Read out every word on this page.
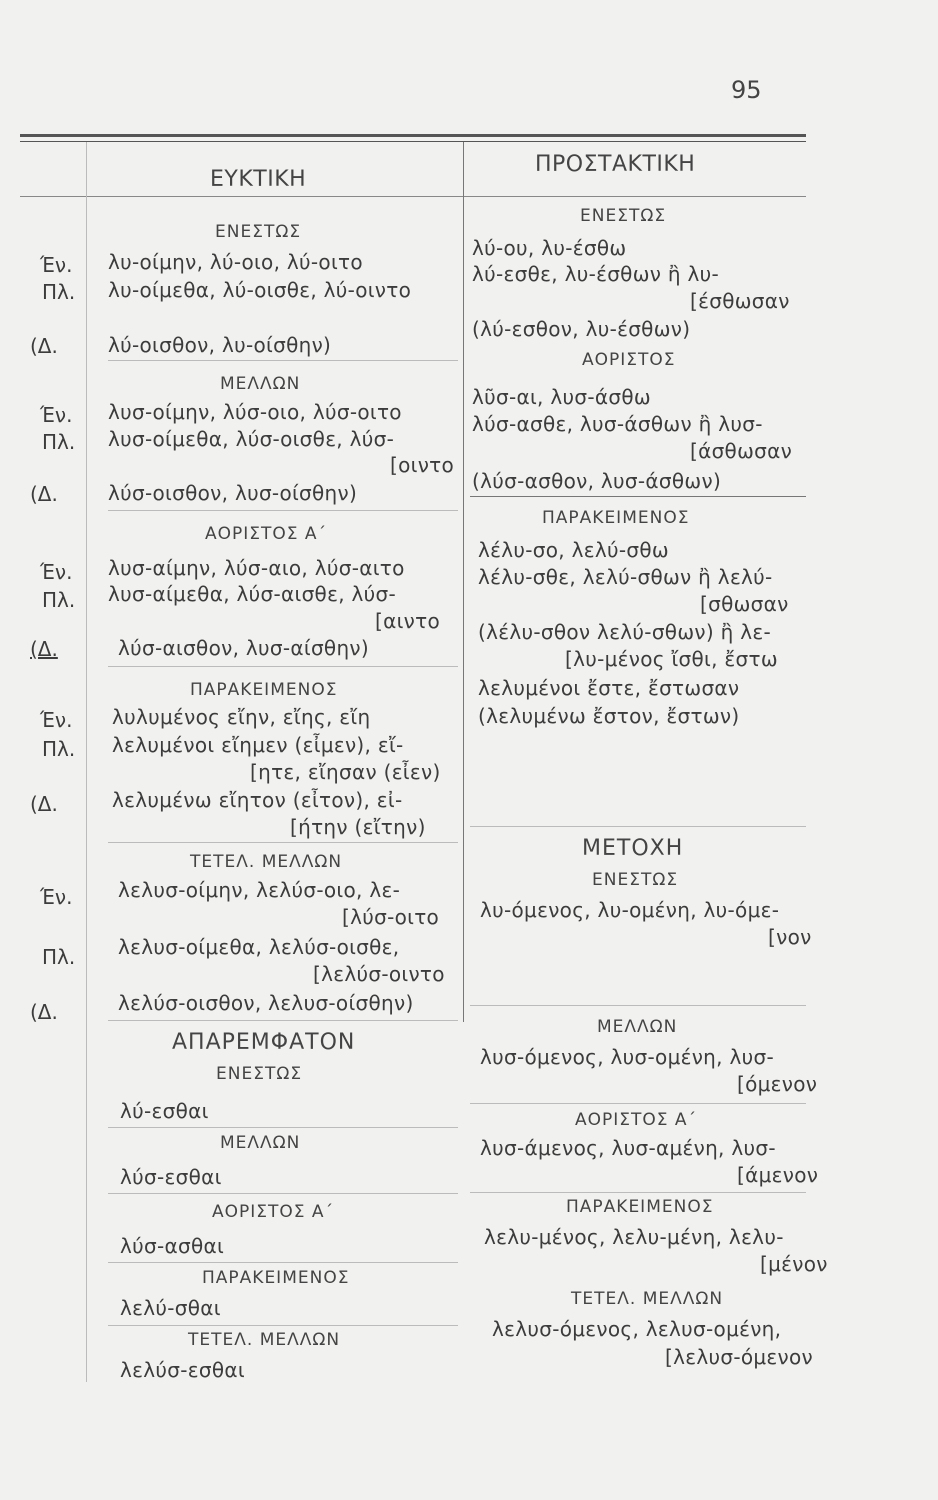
95
ΕΥΚΤΙΚΗ
ΠΡΟΣΤΑΚΤΙΚΗ
Έν.
Πλ.
(Δ.
Έν.
Πλ.
(Δ.
Έν.
Πλ.
(Δ.
Έν.
Πλ.
(Δ.
Έν.
Πλ.
(Δ.
ΕΝΕΣΤΩΣ
λυ-οίμην, λύ-οιο, λύ-οιτο
λυ-οίμεθα, λύ-οισθε, λύ-οιντο
λύ-οισθον, λυ-οίσθην)
ΜΕΛΛΩΝ
λυσ-οίμην, λύσ-οιο, λύσ-οιτο
λυσ-οίμεθα, λύσ-οισθε, λύσ-
[οιντο
λύσ-οισθον, λυσ-οίσθην)
ΑΟΡΙΣΤΟΣ Α΄
λυσ-αίμην, λύσ-αιο, λύσ-αιτο
λυσ-αίμεθα, λύσ-αισθε, λύσ-
[αιντο
λύσ-αισθον, λυσ-αίσθην)
ΠΑΡΑΚΕΙΜΕΝΟΣ
λυλυμένος εἴην, εἴης, εἴη
λελυμένοι εἴημεν (εἶμεν), εἴ-
[ητε, εἴησαν (εἶεν)
λελυμένω εἴητον (εἶτον), εἰ-
[ήτην (εἴτην)
ΤΕΤΕΛ. ΜΕΛΛΩΝ
λελυσ-οίμην, λελύσ-οιο, λε-
[λύσ-οιτο
λελυσ-οίμεθα, λελύσ-οισθε,
[λελύσ-οιντο
λελύσ-οισθον, λελυσ-οίσθην)
ΑΠΑΡΕΜΦΑΤΟΝ
ΕΝΕΣΤΩΣ
λύ-εσθαι
ΜΕΛΛΩΝ
λύσ-εσθαι
ΑΟΡΙΣΤΟΣ Α΄
λύσ-ασθαι
ΠΑΡΑΚΕΙΜΕΝΟΣ
λελύ-σθαι
ΤΕΤΕΛ. ΜΕΛΛΩΝ
λελύσ-εσθαι
ΕΝΕΣΤΩΣ
λύ-ου, λυ-έσθω
λύ-εσθε, λυ-έσθων ἢ λυ-
[έσθωσαν
(λύ-εσθον, λυ-έσθων)
ΑΟΡΙΣΤΟΣ
λῦσ-αι, λυσ-άσθω
λύσ-ασθε, λυσ-άσθων ἢ λυσ-
[άσθωσαν
(λύσ-ασθον, λυσ-άσθων)
ΠΑΡΑΚΕΙΜΕΝΟΣ
λέλυ-σο, λελύ-σθω
λέλυ-σθε, λελύ-σθων ἢ λελύ-
[σθωσαν
(λέλυ-σθον λελύ-σθων) ἢ λε-
[λυ-μένος ἴσθι, ἔστω
λελυμένοι ἔστε, ἔστωσαν
(λελυμένω ἔστον, ἔστων)
ΜΕΤΟΧΗ
ΕΝΕΣΤΩΣ
λυ-όμενος, λυ-ομένη, λυ-όμε-
[νον
ΜΕΛΛΩΝ
λυσ-όμενος, λυσ-ομένη, λυσ-
[όμενον
ΑΟΡΙΣΤΟΣ Α΄
λυσ-άμενος, λυσ-αμένη, λυσ-
[άμενον
ΠΑΡΑΚΕΙΜΕΝΟΣ
λελυ-μένος, λελυ-μένη, λελυ-
[μένον
ΤΕΤΕΛ. ΜΕΛΛΩΝ
λελυσ-όμενος, λελυσ-ομένη,
[λελυσ-όμενον
